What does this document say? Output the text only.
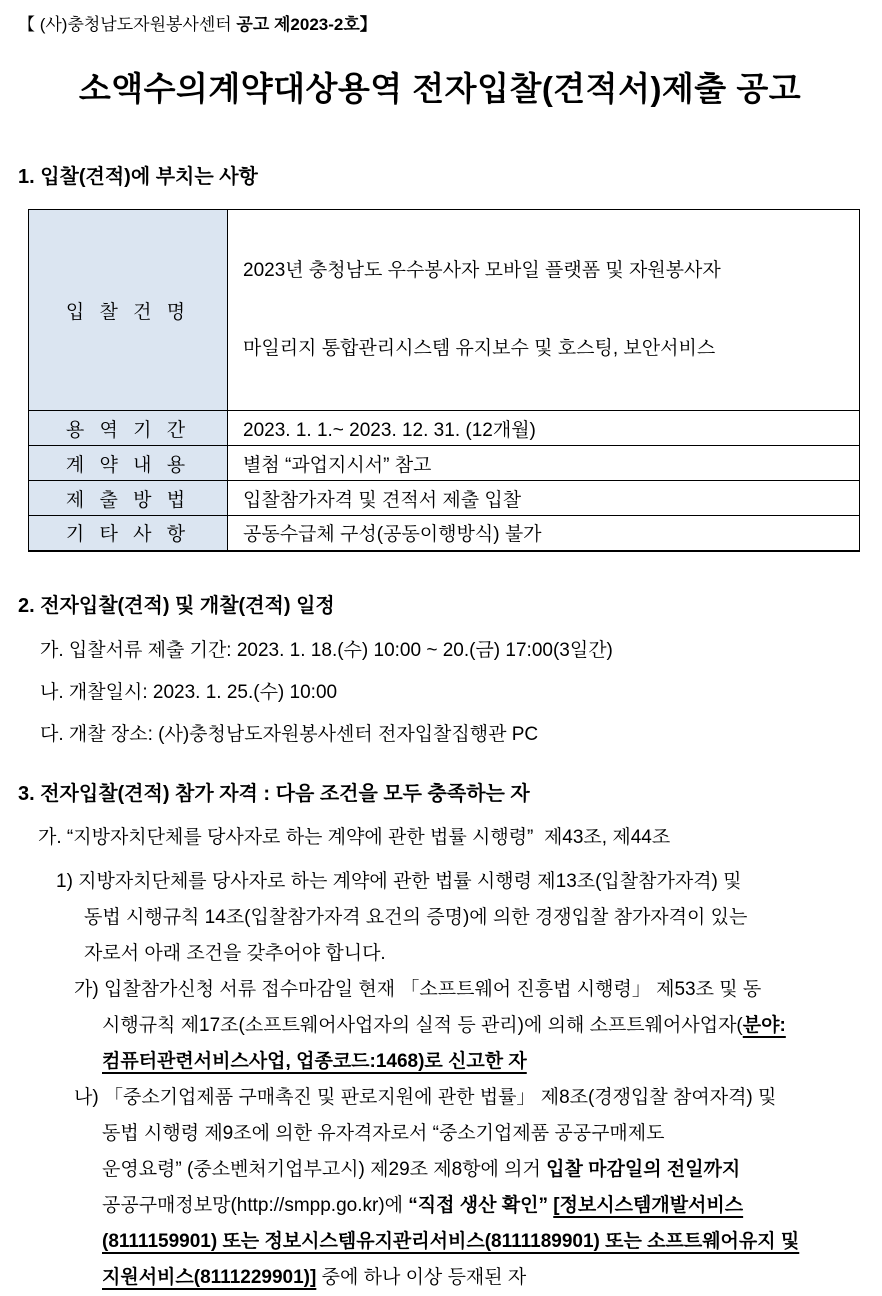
【 (사)충청남도자원봉사센터 공고 제2023-2호】
소액수의계약대상용역 전자입찰(견적서)제출 공고
1. 입찰(견적)에 부치는 사항
입 찰 건 명	2023년 충청남도 우수봉사자 모바일 플랫폼 및 자원봉사자

마일리지 통합관리시스템 유지보수 및 호스팅, 보안서비스

용 역 기 간	2023. 1. 1.~ 2023. 12. 31. (12개월)
계 약 내 용	별첨 “과업지시서” 참고
제 출 방 법	입찰참가자격 및 견적서 제출 입찰
기 타 사 항	공동수급체 구성(공동이행방식) 불가
2. 전자입찰(견적) 및 개찰(견적) 일정
가. 입찰서류 제출 기간: 2023. 1. 18.(수) 10:00 ~ 20.(금) 17:00(3일간)
나. 개찰일시: 2023. 1. 25.(수) 10:00
다. 개찰 장소: (사)충청남도자원봉사센터 전자입찰집행관 PC
3. 전자입찰(견적) 참가 자격 : 다음 조건을 모두 충족하는 자
가. “지방자치단체를 당사자로 하는 계약에 관한 법률 시행령”  제43조, 제44조
1) 지방자치단체를 당사자로 하는 계약에 관한 법률 시행령 제13조(입찰참가자격) 및
동법 시행규칙 14조(입찰참가자격 요건의 증명)에 의한 경쟁입찰 참가자격이 있는
자로서 아래 조건을 갖추어야 합니다.
가) 입찰참가신청 서류 접수마감일 현재 「소프트웨어 진흥법 시행령」 제53조 및 동
시행규칙 제17조(소프트웨어사업자의 실적 등 관리)에 의해 소프트웨어사업자(분야:
컴퓨터관련서비스사업, 업종코드:1468)로 신고한 자
나) 「중소기업제품 구매촉진 및 판로지원에 관한 법률」 제8조(경쟁입찰 참여자격) 및
동법 시행령 제9조에 의한 유자격자로서 “중소기업제품 공공구매제도
운영요령” (중소벤처기업부고시) 제29조 제8항에 의거 입찰 마감일의 전일까지
공공구매정보망(http://smpp.go.kr)에 “직접 생산 확인” [정보시스템개발서비스
(8111159901) 또는 정보시스템유지관리서비스(8111189901) 또는 소프트웨어유지 및
지원서비스(8111229901)] 중에 하나 이상 등재된 자
